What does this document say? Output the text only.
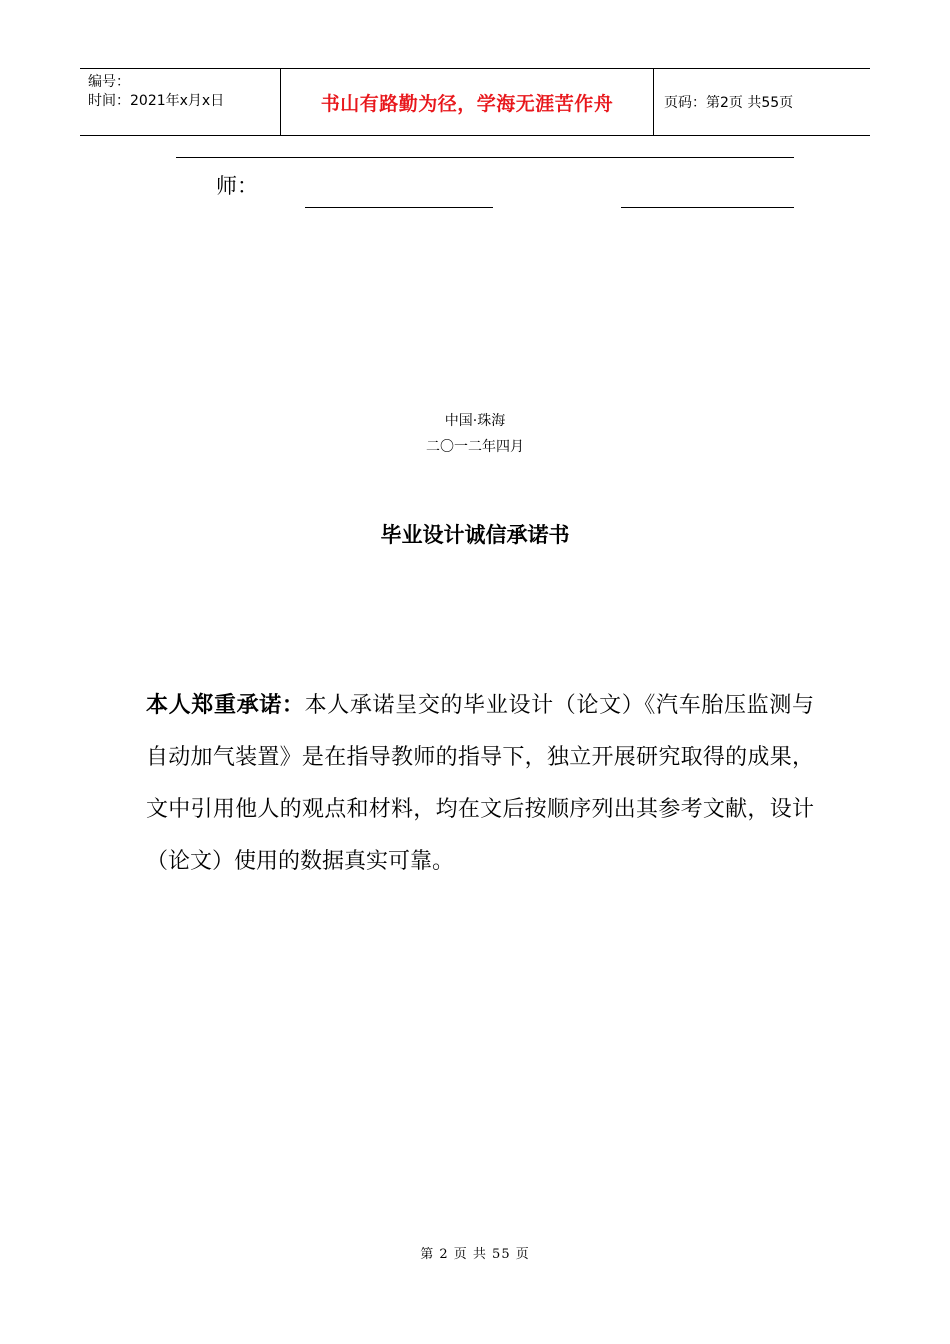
编号：
时间：2021年x月x日	书山有路勤为径，学海无涯苦作舟	页码：第2页 共55页
师：
中国·珠海
二〇一二年四月
毕业设计诚信承诺书
本人郑重承诺：本人承诺呈交的毕业设计（论文）《汽车胎压监测与自动加气装置》是在指导教师的指导下，独立开展研究取得的成果，文中引用他人的观点和材料，均在文后按顺序列出其参考文献，设计（论文）使用的数据真实可靠。
第 2 页 共 55 页
